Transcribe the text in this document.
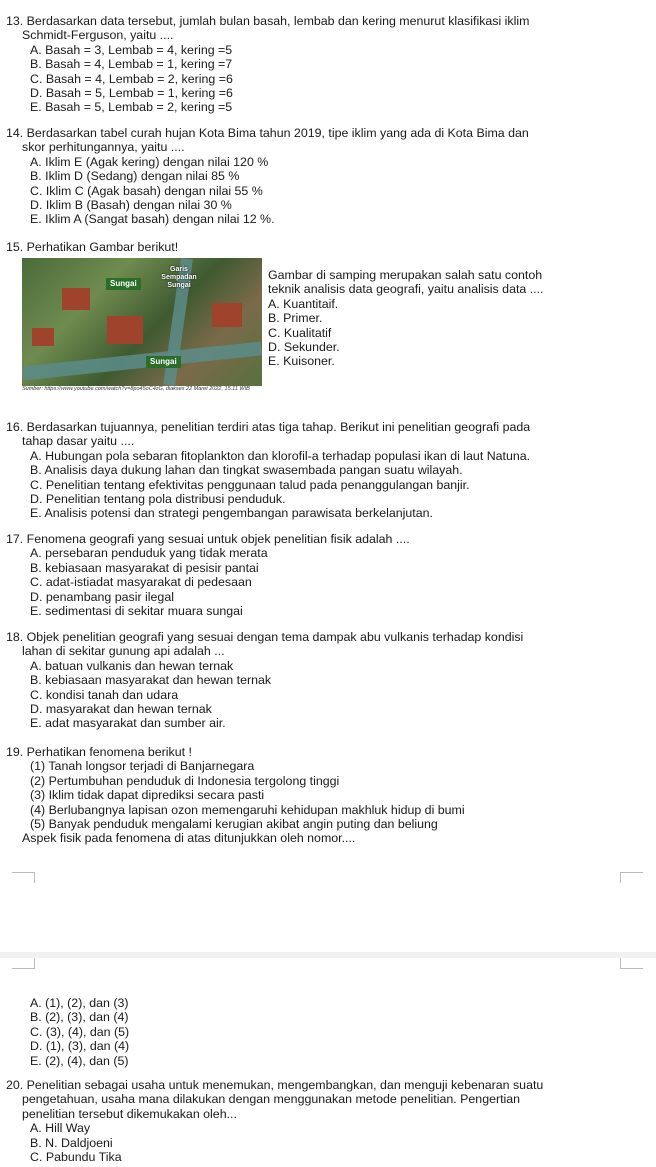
13. Berdasarkan data tersebut, jumlah bulan basah, lembab dan kering menurut klasifikasi iklim
Schmidt-Ferguson, yaitu ....
A. Basah = 3, Lembab = 4, kering =5
B. Basah = 4, Lembab = 1, kering =7
C. Basah = 4, Lembab = 2, kering =6
D. Basah = 5, Lembab = 1, kering =6
E. Basah = 5, Lembab = 2, kering =5
14. Berdasarkan tabel curah hujan Kota Bima tahun 2019, tipe iklim yang ada di Kota Bima dan
skor perhitungannya, yaitu ....
A. Iklim E (Agak kering) dengan nilai 120 %
B. Iklim D (Sedang) dengan nilai 85 %
C. Iklim C (Agak basah) dengan nilai 55 %
D. Iklim B (Basah) dengan nilai 30 %
E. Iklim A (Sangat basah) dengan nilai 12 %.
15. Perhatikan Gambar berikut!
Sungai
Garis
Sempadan
Sungai
Sungai
Sumber: https://www.youtube.com/watch?v=8po45oC4zG, diakses 22 Maret 2022, 15.11 WIB
Gambar di samping merupakan salah satu contoh
teknik analisis data geografi, yaitu analisis data ....
A. Kuantitaif.
B. Primer.
C. Kualitatif
D. Sekunder.
E. Kuisoner.
16. Berdasarkan tujuannya, penelitian terdiri atas tiga tahap. Berikut ini penelitian geografi pada
tahap dasar yaitu ....
A. Hubungan pola sebaran fitoplankton dan klorofil-a terhadap populasi ikan di laut Natuna.
B. Analisis daya dukung lahan dan tingkat swasembada pangan suatu wilayah.
C. Penelitian tentang efektivitas penggunaan talud pada penanggulangan banjir.
D. Penelitian tentang pola distribusi penduduk.
E. Analisis potensi dan strategi pengembangan parawisata berkelanjutan.
17. Fenomena geografi yang sesuai untuk objek penelitian fisik adalah ....
A. persebaran penduduk yang tidak merata
B. kebiasaan masyarakat di pesisir pantai
C. adat-istiadat masyarakat di pedesaan
D. penambang pasir ilegal
E. sedimentasi di sekitar muara sungai
18. Objek penelitian geografi yang sesuai dengan tema dampak abu vulkanis terhadap kondisi
lahan di sekitar gunung api adalah ...
A. batuan vulkanis dan hewan ternak
B. kebiasaan masyarakat dan hewan ternak
C. kondisi tanah dan udara
D. masyarakat dan hewan ternak
E. adat masyarakat dan sumber air.
19. Perhatikan fenomena berikut !
(1) Tanah longsor terjadi di Banjarnegara
(2) Pertumbuhan penduduk di Indonesia tergolong tinggi
(3) Iklim tidak dapat diprediksi secara pasti
(4) Berlubangnya lapisan ozon memengaruhi kehidupan makhluk hidup di bumi
(5) Banyak penduduk mengalami kerugian akibat angin puting dan beliung
Aspek fisik pada fenomena di atas ditunjukkan oleh nomor....
A. (1), (2), dan (3)
B. (2), (3), dan (4)
C. (3), (4), dan (5)
D. (1), (3), dan (4)
E. (2), (4), dan (5)
20. Penelitian sebagai usaha untuk menemukan, mengembangkan, dan menguji kebenaran suatu
pengetahuan, usaha mana dilakukan dengan menggunakan metode penelitian. Pengertian
penelitian tersebut dikemukakan oleh...
A. Hill Way
B. N. Daldjoeni
C. Pabundu Tika
